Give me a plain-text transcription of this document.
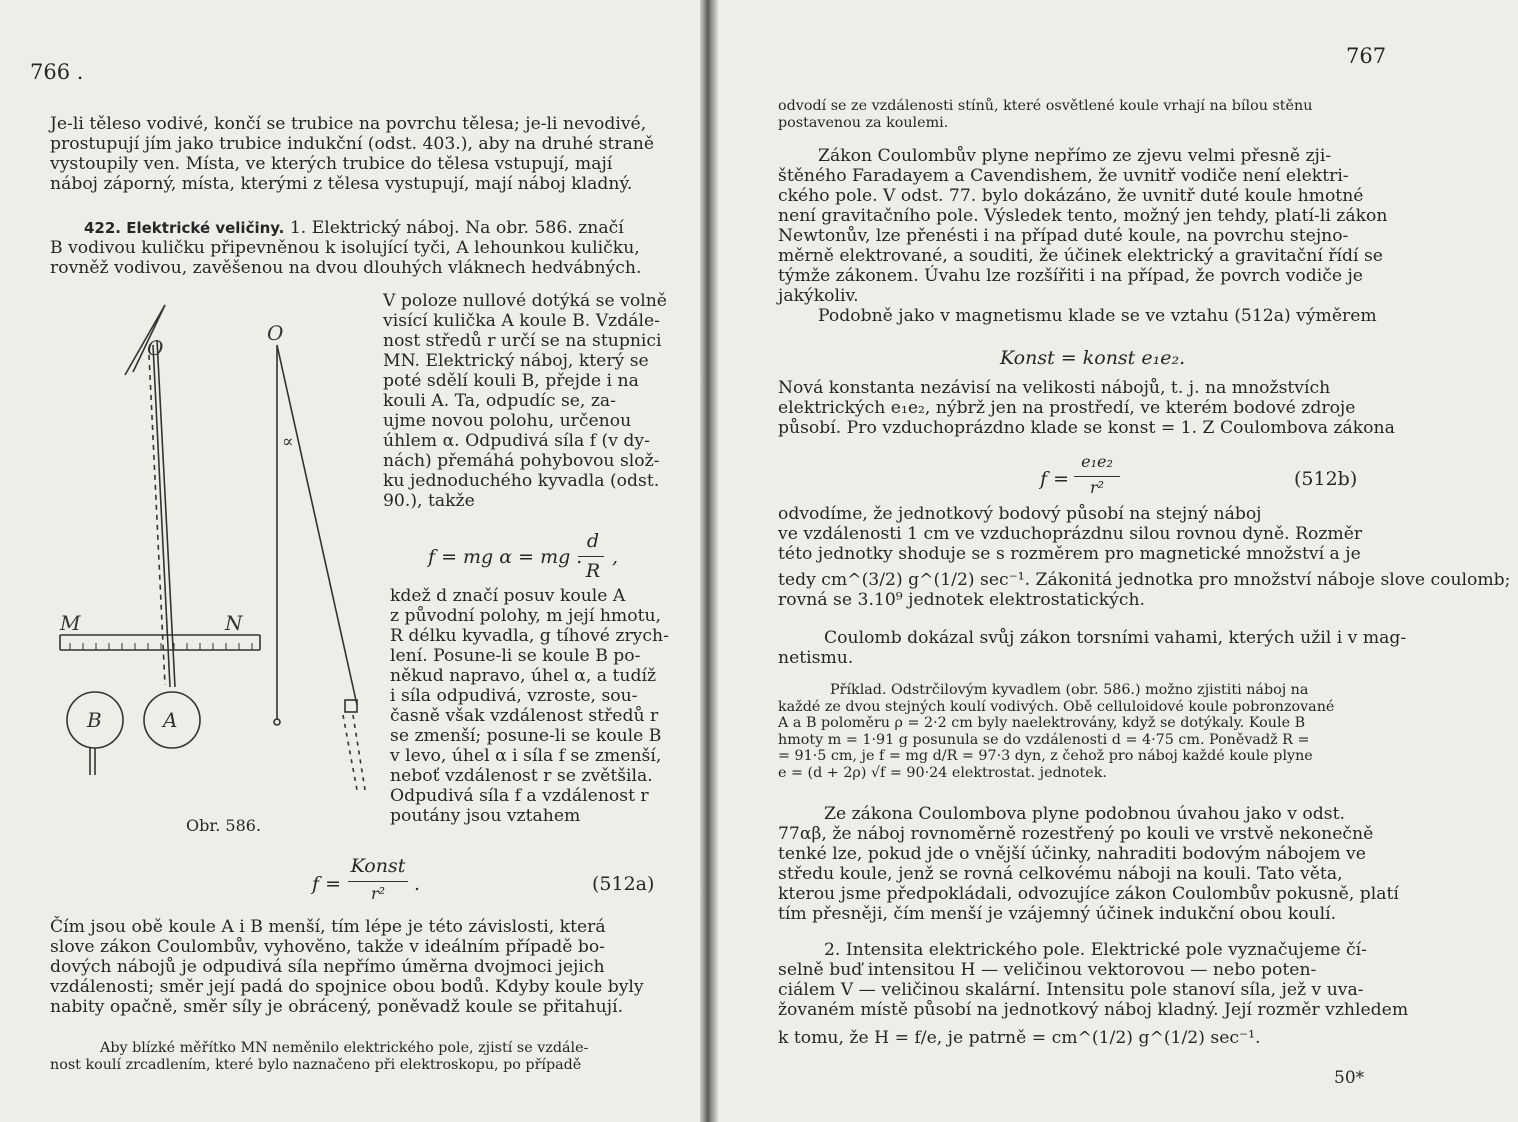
766 .
Je-li těleso vodivé, končí se trubice na povrchu tělesa; je-li nevodivé,
prostupují jím jako trubice indukční (odst. 403.), aby na druhé straně
vystoupily ven. Místa, ve kterých trubice do tělesa vstupují, mají
náboj záporný, místa, kterými z tělesa vystupují, mají náboj kladný.
422. Elektrické veličiny. 1. Elektrický náboj. Na obr. 586. značí
B vodivou kuličku připevněnou k isolující tyči, A lehounkou kuličku,
rovněž vodivou, zavěšenou na dvou dlouhých vláknech hedvábných.
O
O
M	N
B	A
∝
Obr. 586.
V poloze nullové dotýká se volně
visící kulička A koule B. Vzdále-
nost středů r určí se na stupnici
MN. Elektrický náboj, který se
poté sdělí kouli B, přejde i na
kouli A. Ta, odpudíc se, za-
ujme novou polohu, určenou
úhlem α. Odpudivá síla f (v dy-
nách) přemáhá pohybovou slož-
ku jednoduchého kyvadla (odst.
90.), takže
f = mg α = mg .
d
R
,
kdež d značí posuv koule A
z původní polohy, m její hmotu,
R délku kyvadla, g tíhové zrych-
lení. Posune-li se koule B po-
někud napravo, úhel α, a tudíž
i síla odpudivá, vzroste, sou-
časně však vzdálenost středů r
se zmenší; posune-li se koule B
v levo, úhel α i síla f se zmenší,
neboť vzdálenost r se zvětšila.
Odpudivá síla f a vzdálenost r
poutány jsou vztahem
f =
Konst
r²	.	(512a)
Čím jsou obě koule A i B menší, tím lépe je této závislosti, která
slove zákon Coulombův, vyhověno, takže v ideálním případě bo-
dových nábojů je odpudivá síla nepřímo úměrna dvojmoci jejich
vzdálenosti; směr její padá do spojnice obou bodů. Kdyby koule byly
nabity opačně, směr síly je obrácený, poněvadž koule se přitahují.
Aby blízké měřítko MN neměnilo elektrického pole, zjistí se vzdále-
nost koulí zrcadlením, které bylo naznačeno při elektroskopu, po případě
767
odvodí se ze vzdálenosti stínů, které osvětlené koule vrhají na bílou stěnu
postavenou za koulemi.
Zákon Coulombův plyne nepřímo ze zjevu velmi přesně zji-
štěného Faradayem a Cavendishem, že uvnitř vodiče není elektri-
ckého pole. V odst. 77. bylo dokázáno, že uvnitř duté koule hmotné
není gravitačního pole. Výsledek tento, možný jen tehdy, platí-li zákon
Newtonův, lze přenésti i na případ duté koule, na povrchu stejno-
měrně elektrované, a souditi, že účinek elektrický a gravitační řídí se
týmže zákonem. Úvahu lze rozšířiti i na případ, že povrch vodiče je
jakýkoliv.
Podobně jako v magnetismu klade se ve vztahu (512a) výměrem
Konst = konst e₁e₂.
Nová konstanta nezávisí na velikosti nábojů, t. j. na množstvích
elektrických e₁e₂, nýbrž jen na prostředí, ve kterém bodové zdroje
působí. Pro vzduchoprázdno klade se konst = 1. Z Coulombova zákona
f =
e₁e₂
r²	(512b)
odvodíme, že jednotkový bodový působí na stejný náboj
ve vzdálenosti 1 cm ve vzduchoprázdnu silou rovnou dyně. Rozměr
této jednotky shoduje se s rozměrem pro magnetické množství a je
tedy cm^(3/2) g^(1/2) sec⁻¹. Zákonitá jednotka pro množství náboje slove coulomb;
rovná se 3.10⁹ jednotek elektrostatických.
Coulomb dokázal svůj zákon torsními vahami, kterých užil i v mag-
netismu.
Příklad. Odstrčilovým kyvadlem (obr. 586.) možno zjistiti náboj na
každé ze dvou stejných koulí vodivých. Obě celluloidové koule pobronzované
A a B poloměru ρ = 2·2 cm byly naelektrovány, když se dotýkaly. Koule B
hmoty m = 1·91 g posunula se do vzdálenosti d = 4·75 cm. Poněvadž R =
= 91·5 cm, je f = mg d/R = 97·3 dyn, z čehož pro náboj každé koule plyne
e = (d + 2ρ) √f = 90·24 elektrostat. jednotek.
Ze zákona Coulombova plyne podobnou úvahou jako v odst.
77αβ, že náboj rovnoměrně rozestřený po kouli ve vrstvě nekonečně
tenké lze, pokud jde o vnější účinky, nahraditi bodovým nábojem ve
středu koule, jenž se rovná celkovému náboji na kouli. Tato věta,
kterou jsme předpokládali, odvozujíce zákon Coulombův pokusně, platí
tím přesněji, čím menší je vzájemný účinek indukční obou koulí.
2. Intensita elektrického pole. Elektrické pole vyznačujeme čí-
selně buď intensitou H — veličinou vektorovou — nebo poten-
ciálem V — veličinou skalární. Intensitu pole stanoví síla, jež v uva-
žovaném místě působí na jednotkový náboj kladný. Její rozměr vzhledem
k tomu, že H = f/e, je patrně = cm^(1/2) g^(1/2) sec⁻¹.
50*
